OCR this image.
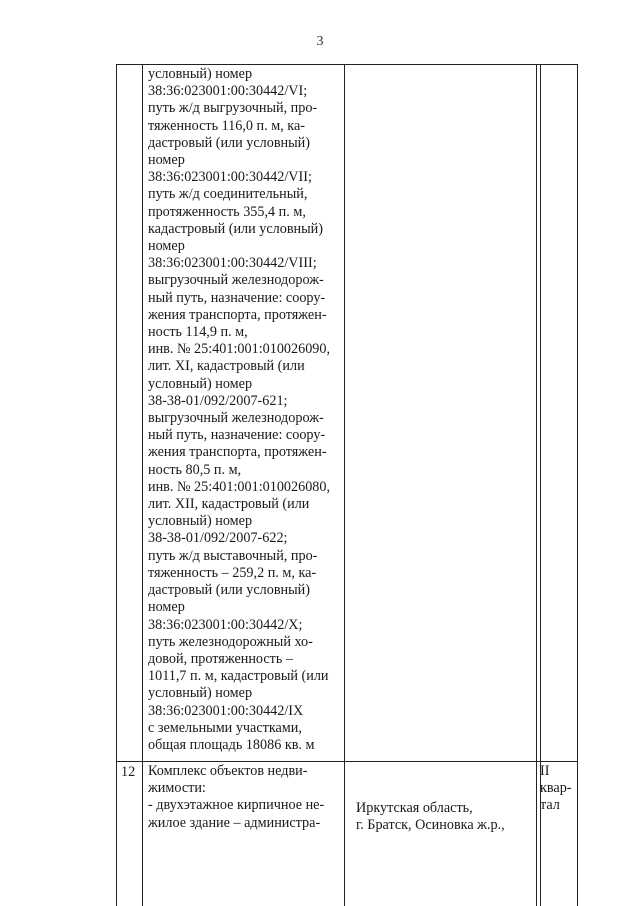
3
условный) номер
38:36:023001:00:30442/VI;
путь ж/д выгрузочный, про-
тяженность 116,0 п. м, ка-
дастровый (или условный)
номер
38:36:023001:00:30442/VII;
путь ж/д соединительный,
протяженность 355,4 п. м,
кадастровый (или условный)
номер
38:36:023001:00:30442/VIII;
выгрузочный железнодорож-
ный путь, назначение: соору-
жения транспорта, протяжен-
ность 114,9 п. м,
инв. № 25:401:001:010026090,
лит. XI, кадастровый (или
условный) номер
38-38-01/092/2007-621;
выгрузочный железнодорож-
ный путь, назначение: соору-
жения транспорта, протяжен-
ность 80,5 п. м,
инв. № 25:401:001:010026080,
лит. XII, кадастровый (или
условный) номер
38-38-01/092/2007-622;
путь ж/д выставочный, про-
тяженность – 259,2 п. м, ка-
дастровый (или условный)
номер
38:36:023001:00:30442/X;
путь железнодорожный хо-
довой, протяженность –
1011,7 п. м, кадастровый (или
условный) номер
38:36:023001:00:30442/IX
с земельными участками,
общая площадь 18086 кв. м
12 Комплекс объектов недви-
жимости:
- двухэтажное кирпичное не-
жилое здание – администра-
Иркутская область,
г. Братск, Осиновка ж.р.,
II
квар-
тал
